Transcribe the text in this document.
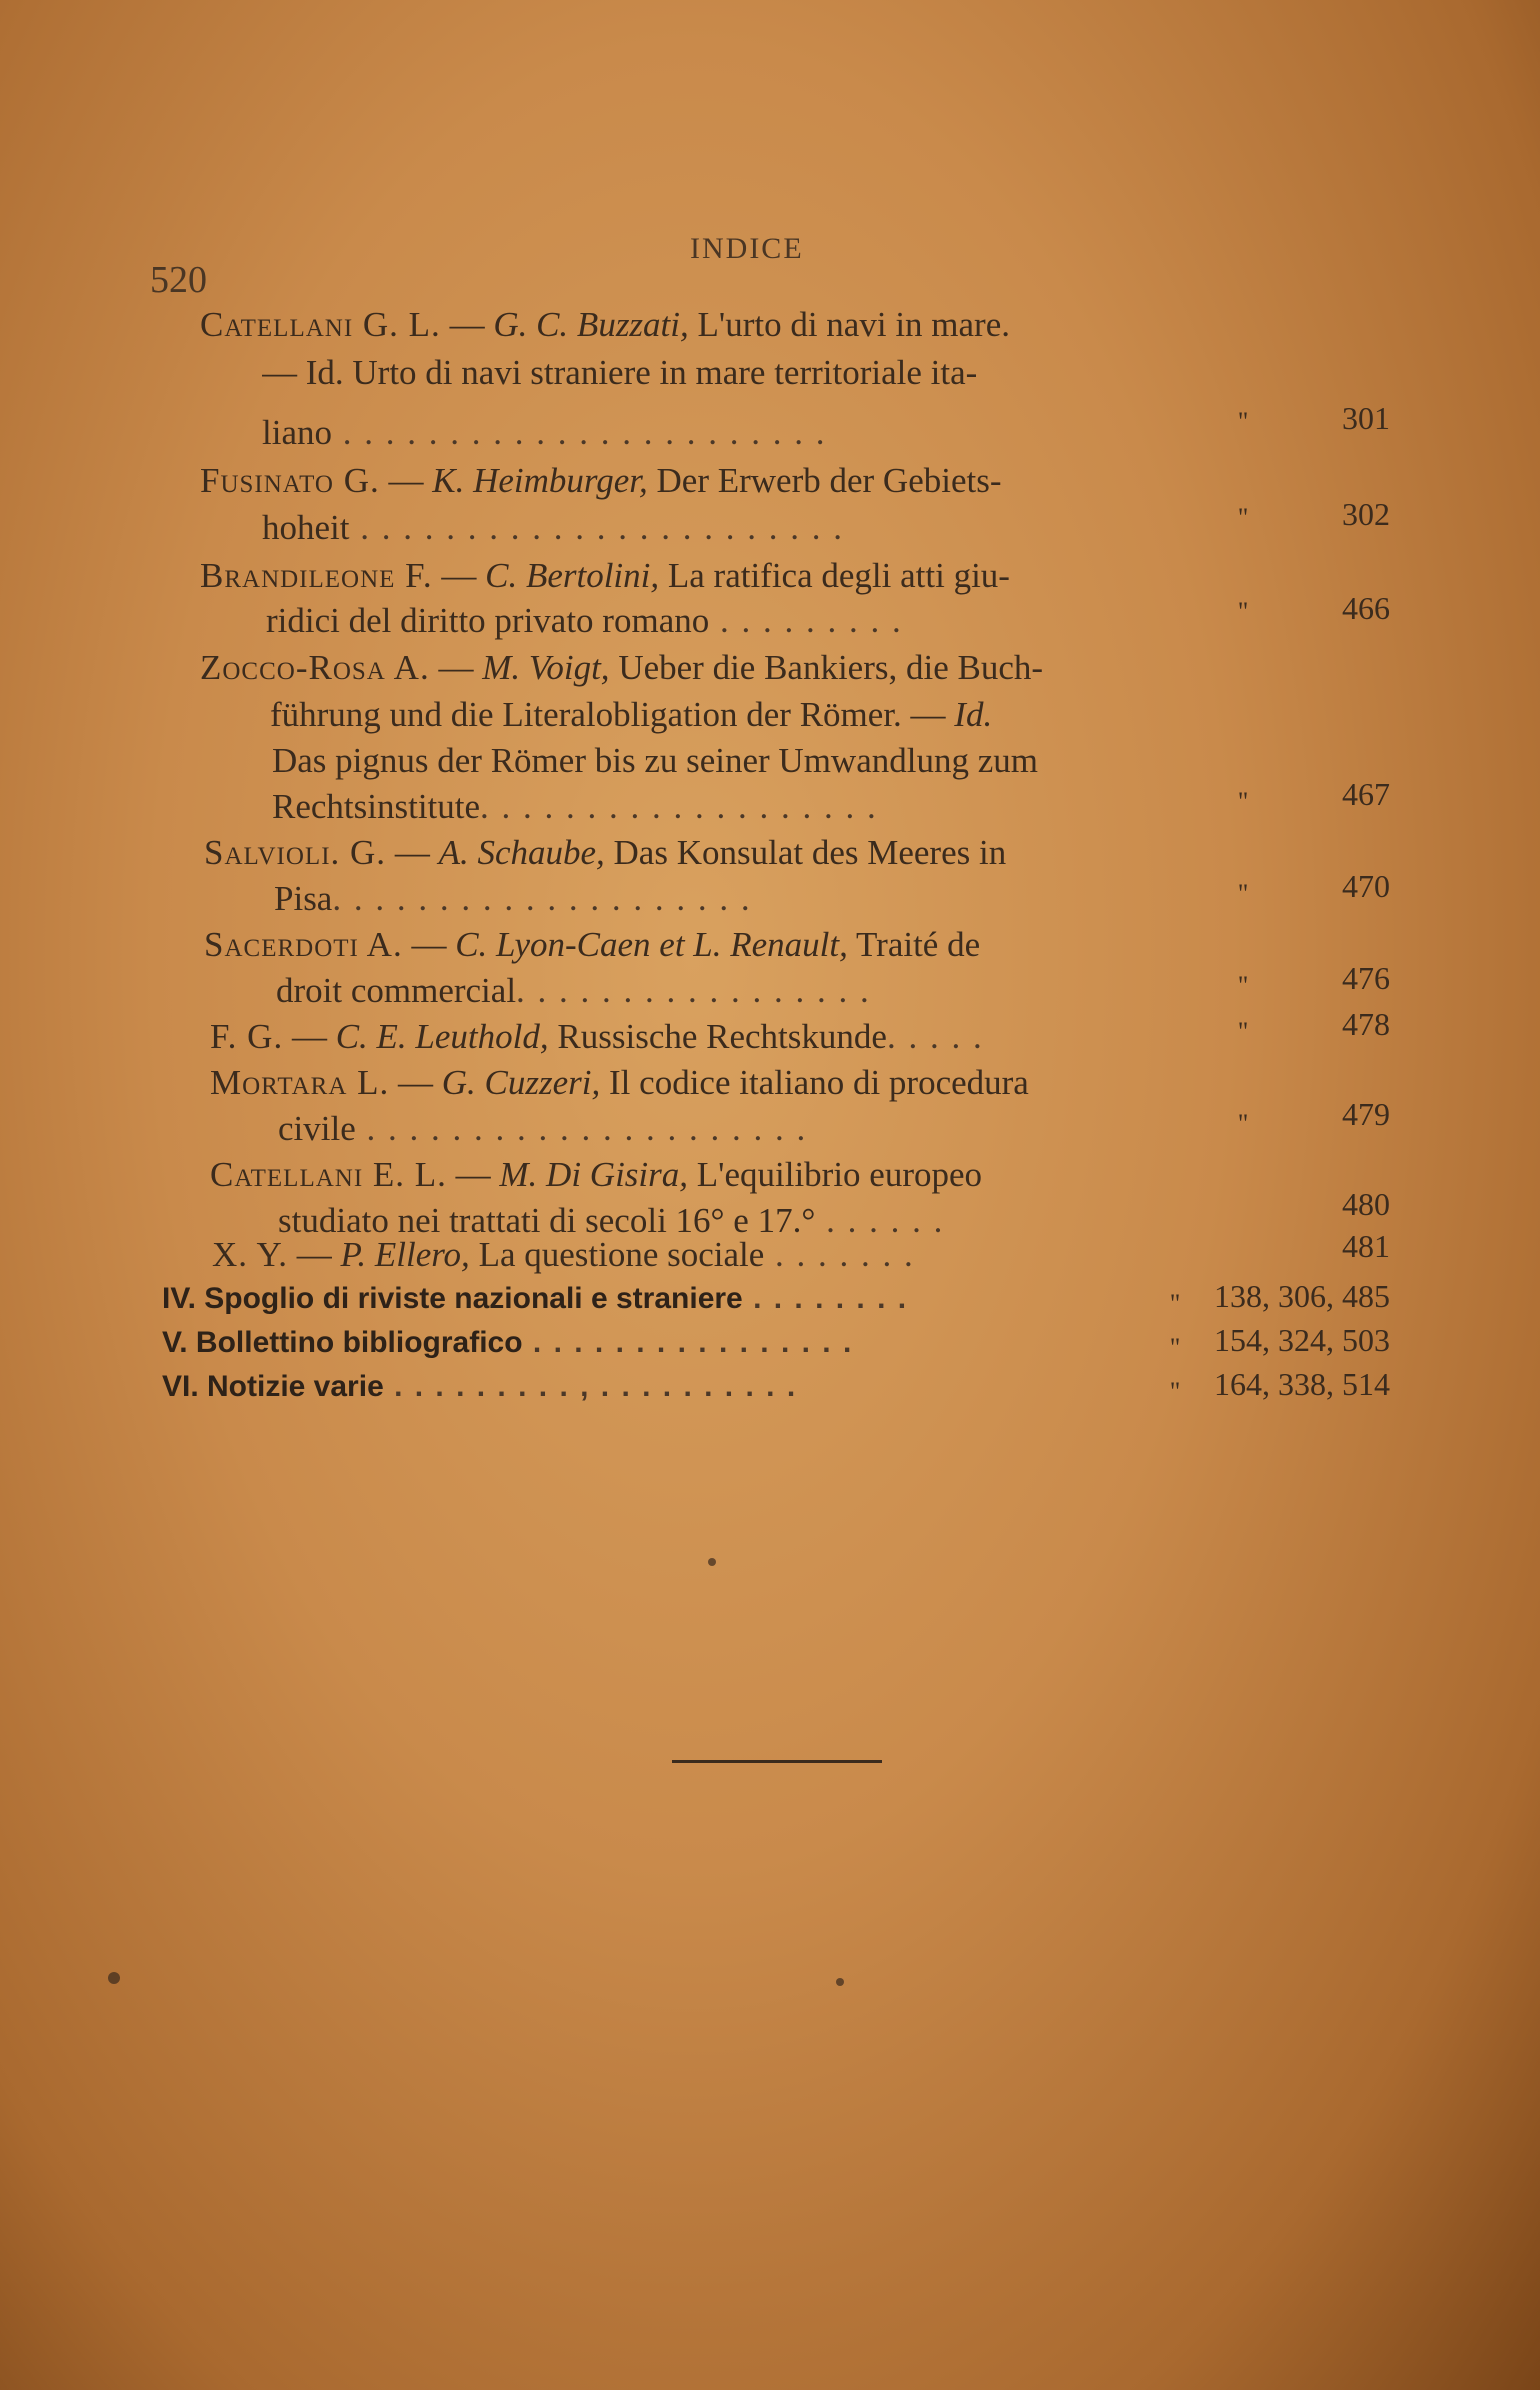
520
INDICE
Catellani G. L. — G. C. Buzzati, L'urto di navi in mare.
— Id. Urto di navi straniere in mare territoriale ita-
liano . . . . . . . . . . . . . . . . . . . . . . .	"	301
Fusinato G. — K. Heimburger, Der Erwerb der Gebiets-
hoheit . . . . . . . . . . . . . . . . . . . . . . .	"	302
Brandileone F. — C. Bertolini, La ratifica degli atti giu-
ridici del diritto privato romano . . . . . . . . .	"	466
Zocco-Rosa A. — M. Voigt, Ueber die Bankiers, die Buch-
führung und die Literalobligation der Römer. — Id.
Das pignus der Römer bis zu seiner Umwandlung zum
Rechtsinstitute. . . . . . . . . . . . . . . . . . .	"	467
Salvioli. G. — A. Schaube, Das Konsulat des Meeres in
Pisa. . . . . . . . . . . . . . . . . . . .	"	470
Sacerdoti A. — C. Lyon-Caen et L. Renault, Traité de
droit commercial. . . . . . . . . . . . . . . . .	"	476
F. G. — C. E. Leuthold, Russische Rechtskunde. . . . .	"	478
Mortara L. — G. Cuzzeri, Il codice italiano di procedura
civile . . . . . . . . . . . . . . . . . . . . .	"	479
Catellani E. L. — M. Di Gisira, L'equilibrio europeo
studiato nei trattati di secoli 16° e 17.° . . . . . .	480
X. Y. — P. Ellero, La questione sociale . . . . . . .	481
IV. Spoglio di riviste nazionali e straniere . . . . . . . .	"	138, 306, 485
V. Bollettino bibliografico . . . . . . . . . . . . . . . .	"	154, 324, 503
VI. Notizie varie . . . . . . . . . , . . . . . . . . . .	"	164, 338, 514
